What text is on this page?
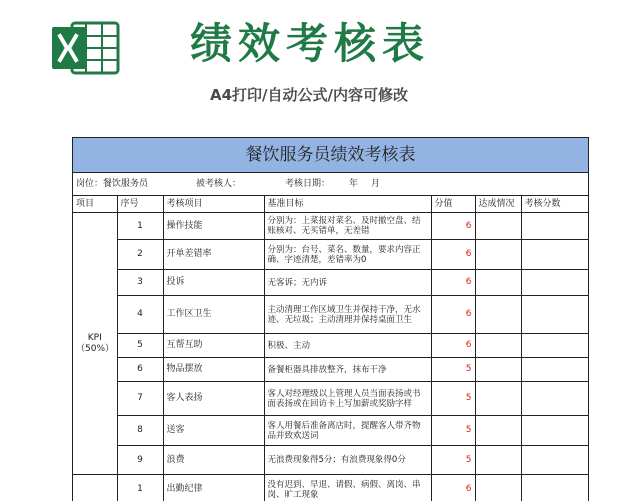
绩效考核表
A4打印/自动公式/内容可修改
餐饮服务员绩效考核表
岗位：餐饮服务员	被考核人：	考核日期： 年 月
项目	序号	考核项目	基准目标	分值	达成情况	考核分数

KPI
（50%）	1	操作技能	分别为：上菜报对菜名、及时撤空盘、结账核对、无买错单，无差错	6		
	2	开单差错率	分别为：台号、菜名、数量，要求内容正确、字迹清楚，差错率为0	6		
	3	投诉	无客诉；无内诉	6		
	4	工作区卫生	主动清理工作区域卫生并保持干净，无水迹、无垃圾；主动清理并保持桌面卫生	6		
	5	互帮互助	积极、主动	6		
	6	物品摆放	备餐柜器具排放整齐，抹布干净	5		
	7	客人表扬	客人对经理级以上管理人员当面表扬或书面表扬或在回访卡上写加薪或奖励字样	5		
	8	送客	客人用餐后准备离店时，提醒客人带齐物品并致欢送词	5		
	9	浪费	无浪费现象得5分；有浪费现象得0分	5		
	1	出勤纪律	没有迟到、早退、请假、病假、离岗、串岗、旷工现象	6		
